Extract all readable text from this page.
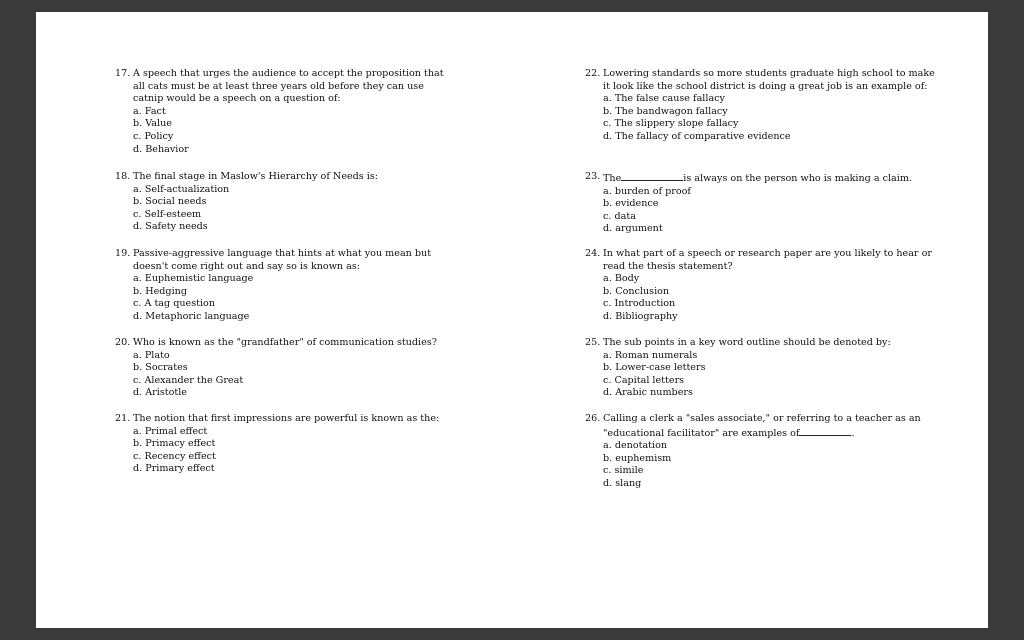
17. A speech that urges the audience to accept the proposition that all cats must be at least three years old before they can use catnip would be a speech on a question of:

a. Fact
b. Value
c. Policy
d. Behavior

18. The final stage in Maslow's Hierarchy of Needs is:

a. Self-actualization
b. Social needs
c. Self-esteem
d. Safety needs

19. Passive-aggressive language that hints at what you mean but doesn't come right out and say so is known as:

a. Euphemistic language
b. Hedging
c. A tag question
d. Metaphoric language

20. Who is known as the "grandfather" of communication studies?

a. Plato
b. Socrates
c. Alexander the Great
d. Aristotle

21. The notion that first impressions are powerful is known as the:

a. Primal effect
b. Primacy effect
c. Recency effect
d. Primary effect

22. Lowering standards so more students graduate high school to make it look like the school district is doing a great job is an example of:

a. The false cause fallacy
b. The bandwagon fallacy
c. The slippery slope fallacy
d. The fallacy of comparative evidence

23. The	is always on the person who is making a claim.

a. burden of proof
b. evidence
c. data
d. argument

24. In what part of a speech or research paper are you likely to hear or read the thesis statement?

a. Body
b. Conclusion
c. Introduction
d. Bibliography

25. The sub points in a key word outline should be denoted by:

a. Roman numerals
b. Lower-case letters
c. Capital letters
d. Arabic numbers

26. Calling a clerk a "sales associate," or referring to a teacher as an "educational facilitator" are examples of	.

a. denotation
b. euphemism
c. simile
d. slang
